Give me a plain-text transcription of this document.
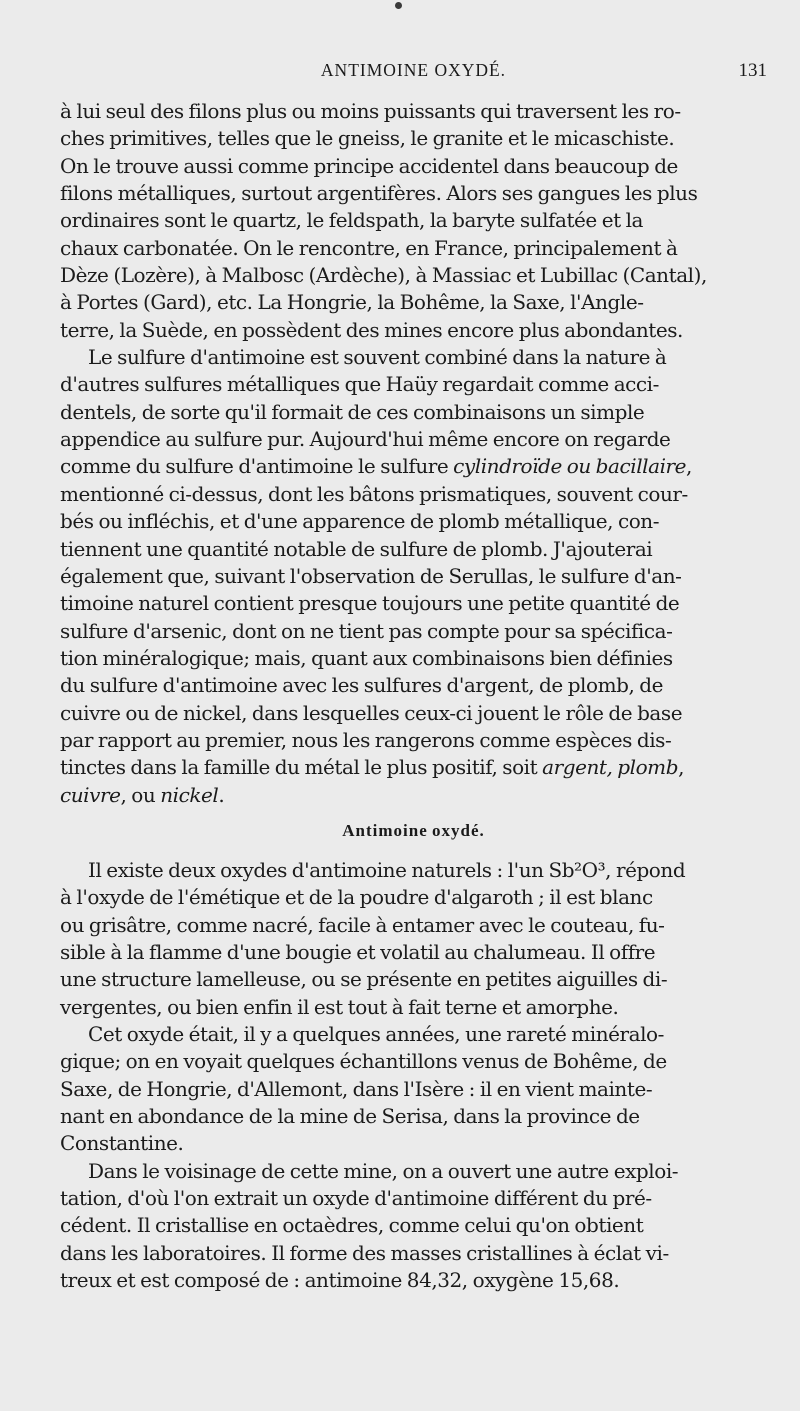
ANTIMOINE OXYDÉ.	131
à lui seul des filons plus ou moins puissants qui traversent les ro-
ches primitives, telles que le gneiss, le granite et le micaschiste.
On le trouve aussi comme principe accidentel dans beaucoup de
filons métalliques, surtout argentifères. Alors ses gangues les plus
ordinaires sont le quartz, le feldspath, la baryte sulfatée et la
chaux carbonatée. On le rencontre, en France, principalement à
Dèze (Lozère), à Malbosc (Ardèche), à Massiac et Lubillac (Cantal),
à Portes (Gard), etc. La Hongrie, la Bohême, la Saxe, l'Angle-
terre, la Suède, en possèdent des mines encore plus abondantes.
Le sulfure d'antimoine est souvent combiné dans la nature à
d'autres sulfures métalliques que Haüy regardait comme acci-
dentels, de sorte qu'il formait de ces combinaisons un simple
appendice au sulfure pur. Aujourd'hui même encore on regarde
comme du sulfure d'antimoine le sulfure cylindroïde ou bacillaire,
mentionné ci-dessus, dont les bâtons prismatiques, souvent cour-
bés ou infléchis, et d'une apparence de plomb métallique, con-
tiennent une quantité notable de sulfure de plomb. J'ajouterai
également que, suivant l'observation de Serullas, le sulfure d'an-
timoine naturel contient presque toujours une petite quantité de
sulfure d'arsenic, dont on ne tient pas compte pour sa spécifica-
tion minéralogique; mais, quant aux combinaisons bien définies
du sulfure d'antimoine avec les sulfures d'argent, de plomb, de
cuivre ou de nickel, dans lesquelles ceux-ci jouent le rôle de base
par rapport au premier, nous les rangerons comme espèces dis-
tinctes dans la famille du métal le plus positif, soit argent, plomb,
cuivre, ou nickel.
Antimoine oxydé.
Il existe deux oxydes d'antimoine naturels : l'un Sb²O³, répond
à l'oxyde de l'émétique et de la poudre d'algaroth ; il est blanc
ou grisâtre, comme nacré, facile à entamer avec le couteau, fu-
sible à la flamme d'une bougie et volatil au chalumeau. Il offre
une structure lamelleuse, ou se présente en petites aiguilles di-
vergentes, ou bien enfin il est tout à fait terne et amorphe.
Cet oxyde était, il y a quelques années, une rareté minéralo-
gique; on en voyait quelques échantillons venus de Bohême, de
Saxe, de Hongrie, d'Allemont, dans l'Isère : il en vient mainte-
nant en abondance de la mine de Serisa, dans la province de
Constantine.
Dans le voisinage de cette mine, on a ouvert une autre exploi-
tation, d'où l'on extrait un oxyde d'antimoine différent du pré-
cédent. Il cristallise en octaèdres, comme celui qu'on obtient
dans les laboratoires. Il forme des masses cristallines à éclat vi-
treux et est composé de : antimoine 84,32, oxygène 15,68.
